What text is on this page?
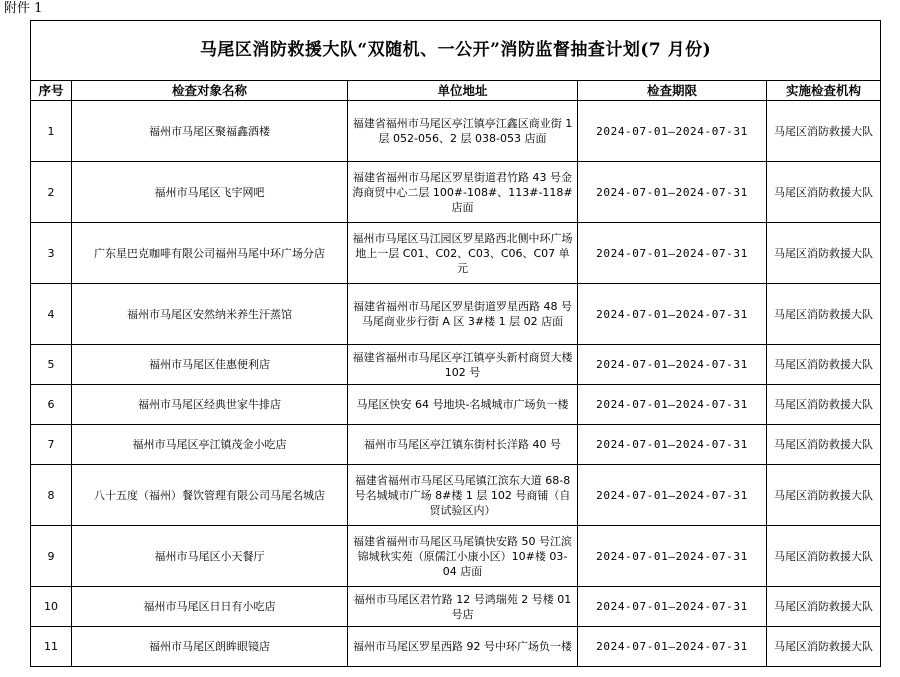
附件 1
马尾区消防救援大队“双随机、一公开”消防监督抽查计划(7 月份)				
序号	检查对象名称	单位地址	检查期限	实施检查机构
1	福州市马尾区聚福鑫酒楼	福建省福州市马尾区亭江镇亭江鑫区商业街 1 层 052-056、2 层 038-053 店面	2024-07-01—2024-07-31	马尾区消防救援大队
2	福州市马尾区飞宇网吧	福建省福州市马尾区罗星街道君竹路 43 号金海商贸中心二层 100#-108#、113#-118#店面	2024-07-01—2024-07-31	马尾区消防救援大队
3	广东星巴克咖啡有限公司福州马尾中环广场分店	福州市马尾区马江园区罗星路西北侧中环广场地上一层 C01、C02、C03、C06、C07 单元	2024-07-01—2024-07-31	马尾区消防救援大队
4	福州市马尾区安然纳米养生汗蒸馆	福建省福州市马尾区罗星街道罗星西路 48 号马尾商业步行街 A 区 3#楼 1 层 02 店面	2024-07-01—2024-07-31	马尾区消防救援大队
5	福州市马尾区佳惠便利店	福建省福州市马尾区亭江镇亭头新村商贸大楼 102 号	2024-07-01—2024-07-31	马尾区消防救援大队
6	福州市马尾区经典世家牛排店	马尾区快安 64 号地块-名城城市广场负一楼	2024-07-01—2024-07-31	马尾区消防救援大队
7	福州市马尾区亭江镇茂金小吃店	福州市马尾区亭江镇东街村长洋路 40 号	2024-07-01—2024-07-31	马尾区消防救援大队
8	八十五度（福州）餐饮管理有限公司马尾名城店	福建省福州市马尾区马尾镇江滨东大道 68-8 号名城城市广场 8#楼 1 层 102 号商铺（自贸试验区内）	2024-07-01—2024-07-31	马尾区消防救援大队
9	福州市马尾区小天餐厅	福建省福州市马尾区马尾镇快安路 50 号江滨锦城秋实苑（原儒江小康小区）10#楼 03-04 店面	2024-07-01—2024-07-31	马尾区消防救援大队
10	福州市马尾区日日有小吃店	福州市马尾区君竹路 12 号鸿瑞苑 2 号楼 01 号店	2024-07-01—2024-07-31	马尾区消防救援大队
11	福州市马尾区朗眸眼镜店	福州市马尾区罗星西路 92 号中环广场负一楼	2024-07-01—2024-07-31	马尾区消防救援大队
